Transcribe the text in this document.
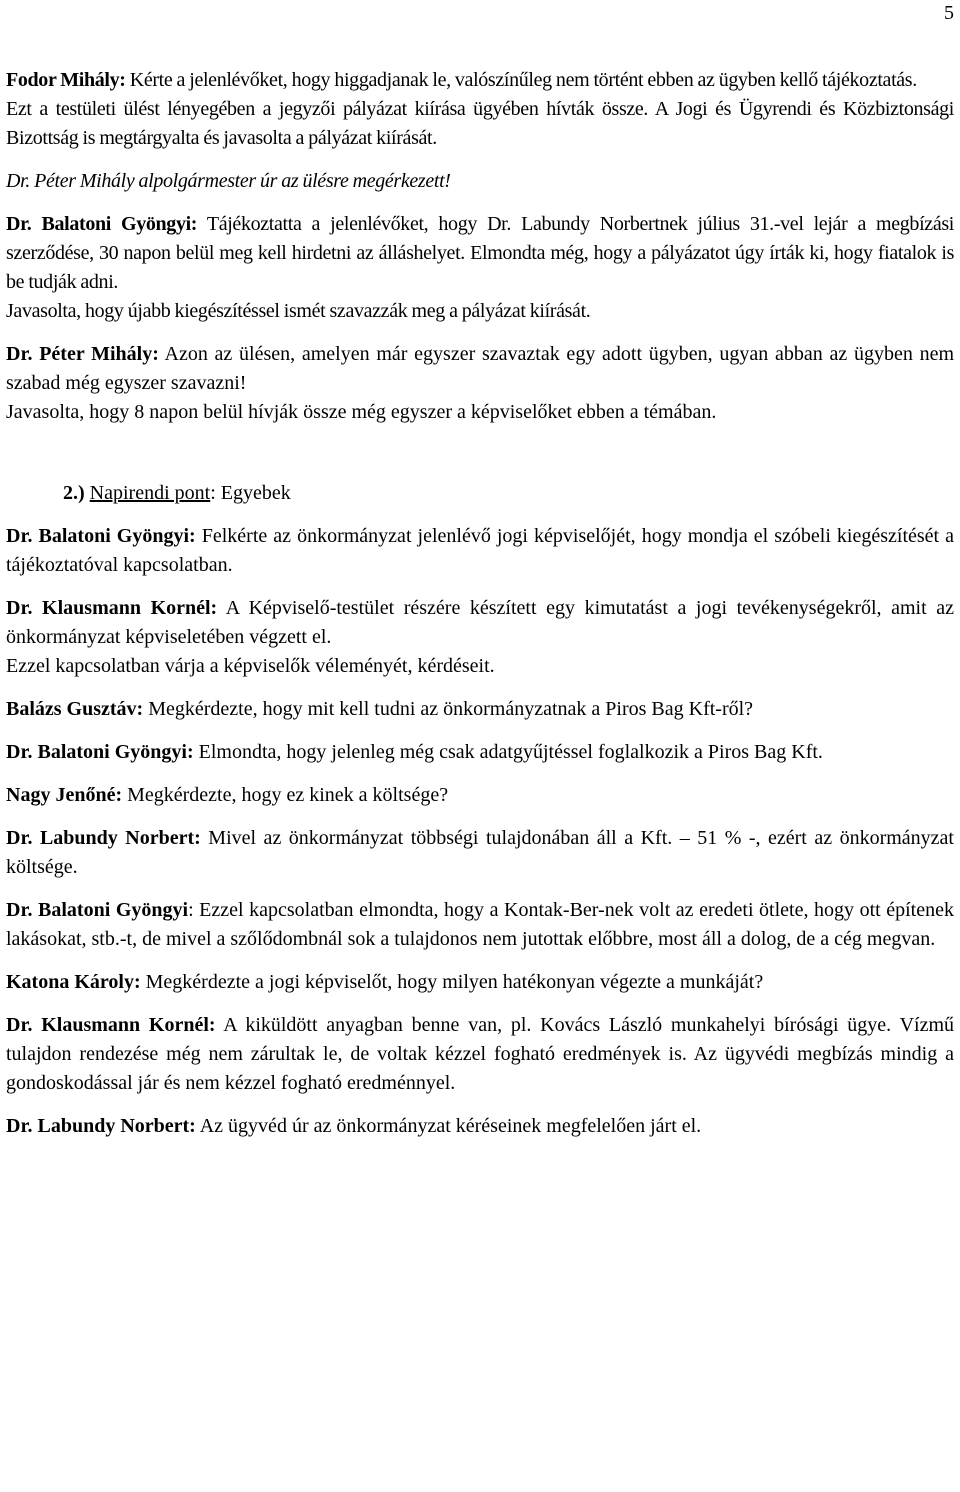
5

Fodor Mihály: Kérte a jelenlévőket, hogy higgadjanak le, valószínűleg nem történt ebben az ügyben kellő tájékoztatás.
Ezt a testületi ülést lényegében a jegyzői pályázat kiírása ügyében hívták össze. A Jogi és Ügyrendi és Közbiztonsági Bizottság is megtárgyalta és javasolta a pályázat kiírását.

Dr. Péter Mihály alpolgármester úr az ülésre megérkezett!

Dr. Balatoni Gyöngyi: Tájékoztatta a jelenlévőket, hogy Dr. Labundy Norbertnek július 31.-vel lejár a megbízási szerződése, 30 napon belül meg kell hirdetni az álláshelyet. Elmondta még, hogy a pályázatot úgy írták ki, hogy fiatalok is be tudják adni.
Javasolta, hogy újabb kiegészítéssel ismét szavazzák meg a pályázat kiírását.

Dr. Péter Mihály: Azon az ülésen, amelyen már egyszer szavaztak egy adott ügyben, ugyan abban az ügyben nem szabad még egyszer szavazni!
Javasolta, hogy 8 napon belül hívják össze még egyszer a képviselőket ebben a témában.

2.) Napirendi pont: Egyebek

Dr. Balatoni Gyöngyi: Felkérte az önkormányzat jelenlévő jogi képviselőjét, hogy mondja el szóbeli kiegészítését a tájékoztatóval kapcsolatban.

Dr. Klausmann Kornél: A Képviselő-testület részére készített egy kimutatást a jogi tevékenységekről, amit az önkormányzat képviseletében végzett el.
Ezzel kapcsolatban várja a képviselők véleményét, kérdéseit.

Balázs Gusztáv: Megkérdezte, hogy mit kell tudni az önkormányzatnak a Piros Bag Kft-ről?

Dr. Balatoni Gyöngyi: Elmondta, hogy jelenleg még csak adatgyűjtéssel foglalkozik a Piros Bag Kft.

Nagy Jenőné: Megkérdezte, hogy ez kinek a költsége?

Dr. Labundy Norbert: Mivel az önkormányzat többségi tulajdonában áll a Kft. – 51 % -, ezért az önkormányzat költsége.

Dr. Balatoni Gyöngyi: Ezzel kapcsolatban elmondta, hogy a Kontak-Ber-nek volt az eredeti ötlete, hogy ott építenek lakásokat, stb.-t, de mivel a szőlődombnál sok a tulajdonos nem jutottak előbbre, most áll a dolog, de a cég megvan.

Katona Károly: Megkérdezte a jogi képviselőt, hogy milyen hatékonyan végezte a munkáját?

Dr. Klausmann Kornél: A kiküldött anyagban benne van, pl. Kovács László munkahelyi bírósági ügye. Vízmű tulajdon rendezése még nem zárultak le, de voltak kézzel fogható eredmények is. Az ügyvédi megbízás mindig a gondoskodással jár és nem kézzel fogható eredménnyel.

Dr. Labundy Norbert: Az ügyvéd úr az önkormányzat kéréseinek megfelelően járt el.
